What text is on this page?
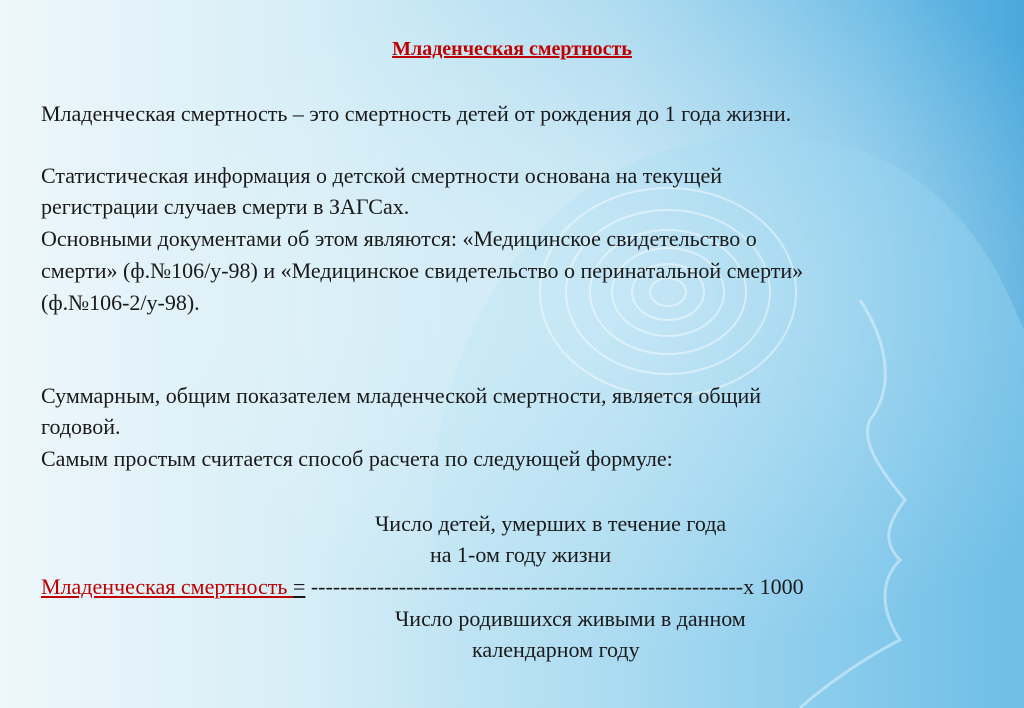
Младенческая смертность

Младенческая смертность – это смертность детей от рождения до 1 года жизни.

Статистическая информация о детской смертности основана на текущей

регистрации случаев смерти в ЗАГСах.

Основными документами об этом являются: «Медицинское свидетельство о

смерти» (ф.№106/у-98) и «Медицинское свидетельство о перинатальной смерти»

(ф.№106-2/у-98).

Суммарным, общим показателем младенческой смертности, является общий

годовой.

Самым простым считается способ расчета по следующей формуле:

Число детей, умерших в течение года
на 1-ом году жизни
Младенческая смертность = -----------------------------------------------------------x 1000
Число родившихся живыми в данном
календарном году
